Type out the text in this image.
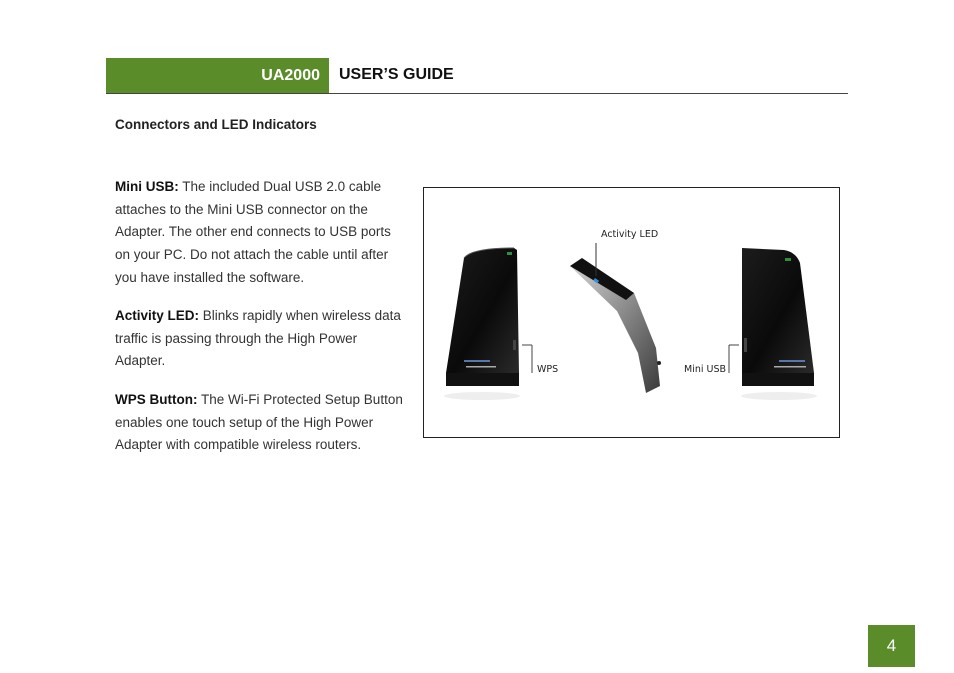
UA2000 USER’S GUIDE
Connectors and LED Indicators
Mini USB: The included Dual USB 2.0 cable attaches to the Mini USB connector on the Adapter. The other end connects to USB ports on your PC. Do not attach the cable until after you have installed the software.
Activity LED: Blinks rapidly when wireless data traffic is passing through the High Power Adapter.
WPS Button: The Wi-Fi Protected Setup Button enables one touch setup of the High Power Adapter with compatible wireless routers.
Activity LED
WPS	Mini USB
4
